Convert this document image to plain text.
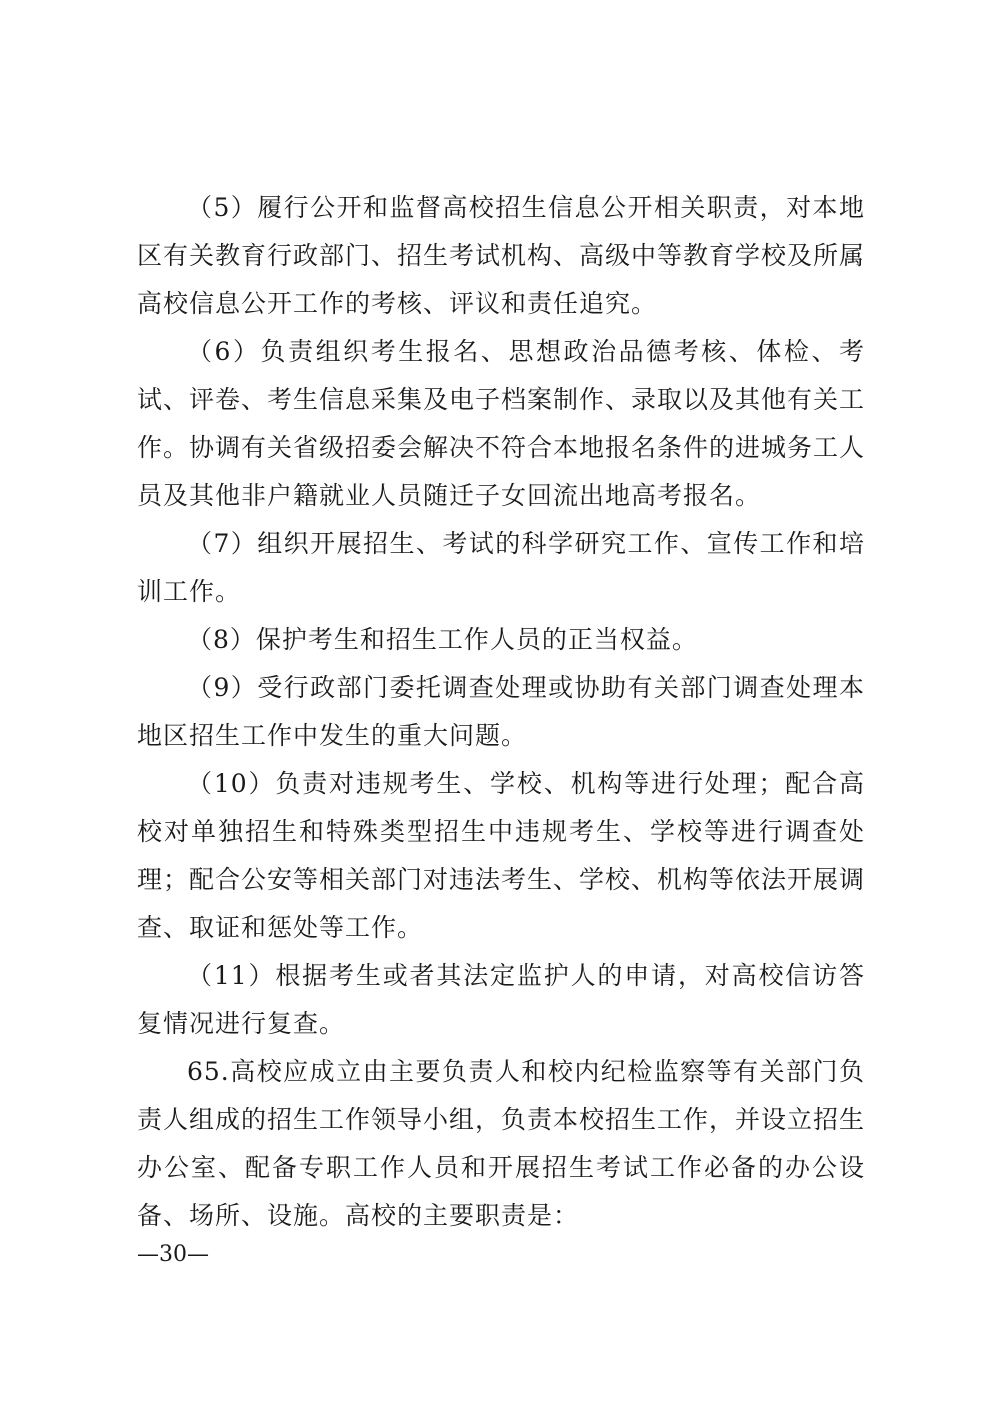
（5）履行公开和监督高校招生信息公开相关职责，对本地区有关教育行政部门、招生考试机构、高级中等教育学校及所属高校信息公开工作的考核、评议和责任追究。

（6）负责组织考生报名、思想政治品德考核、体检、考试、评卷、考生信息采集及电子档案制作、录取以及其他有关工作。协调有关省级招委会解决不符合本地报名条件的进城务工人员及其他非户籍就业人员随迁子女回流出地高考报名。

（7）组织开展招生、考试的科学研究工作、宣传工作和培训工作。

（8）保护考生和招生工作人员的正当权益。

（9）受行政部门委托调查处理或协助有关部门调查处理本地区招生工作中发生的重大问题。

（10）负责对违规考生、学校、机构等进行处理；配合高校对单独招生和特殊类型招生中违规考生、学校等进行调查处理；配合公安等相关部门对违法考生、学校、机构等依法开展调查、取证和惩处等工作。

（11）根据考生或者其法定监护人的申请，对高校信访答复情况进行复查。

65.高校应成立由主要负责人和校内纪检监察等有关部门负责人组成的招生工作领导小组，负责本校招生工作，并设立招生办公室、配备专职工作人员和开展招生考试工作必备的办公设备、场所、设施。高校的主要职责是：

—30—
